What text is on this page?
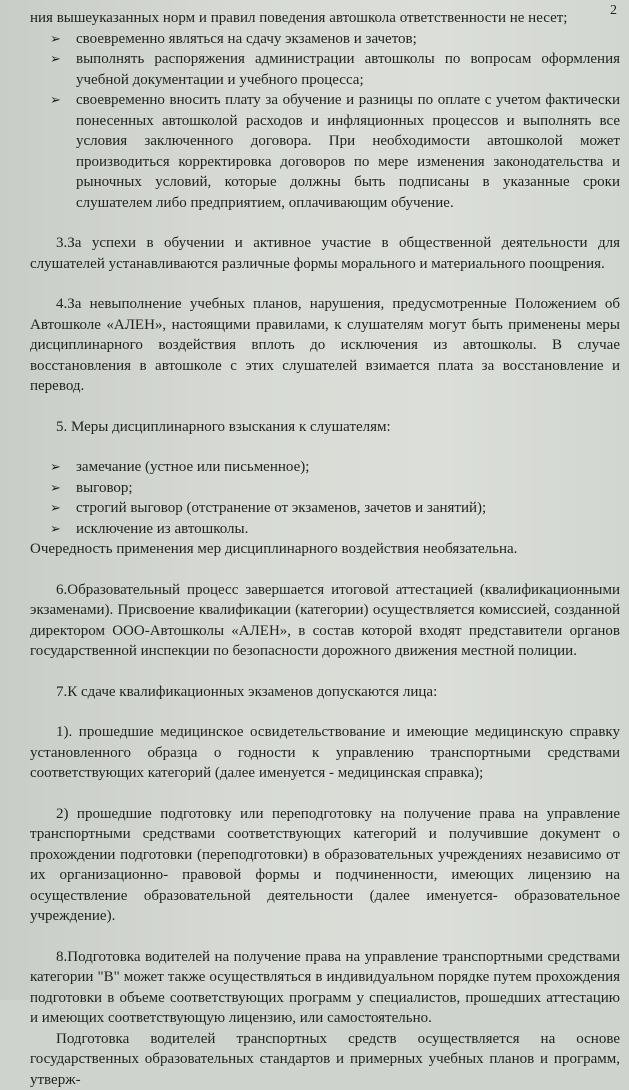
2

ния вышеуказанных норм и правил поведения автошкола ответственности не несет;

➢	своевременно являться на сдачу экзаменов и зачетов;
➢	выполнять распоряжения администрации автошколы по вопросам оформления учебной документации и учебного процесса;
➢	своевременно вносить плату за обучение и разницы по оплате с учетом фактически понесенных автошколой расходов и инфляционных процессов и выполнять все условия заключенного договора. При необходимости автошколой может производиться корректировка договоров по мере изменения законодательства и рыночных условий, которые должны быть подписаны в указанные сроки слушателем либо предприятием, оплачивающим обучение.

3.За успехи в обучении и активное участие в общественной деятельности для слушателей устанавливаются различные формы морального и материального поощрения.

4.За невыполнение учебных планов, нарушения, предусмотренные Положением об Автошколе «АЛЕН», настоящими правилами, к слушателям могут быть применены меры дисциплинарного воздействия вплоть до исключения из автошколы. В случае восстановления в автошколе с этих слушателей взимается плата за восстановление и перевод.

5. Меры дисциплинарного взыскания к слушателям:

➢	замечание (устное или письменное);
➢	выговор;
➢	строгий выговор (отстранение от экзаменов, зачетов и занятий);
➢	исключение из автошколы.

Очередность применения мер дисциплинарного воздействия необязательна.

6.Образовательный процесс завершается итоговой аттестацией (квалификационными экзаменами). Присвоение квалификации (категории) осуществляется комиссией, созданной директором ООО-Автошколы «АЛЕН», в состав которой входят представители органов государственной инспекции по безопасности дорожного движения местной полиции.

7.К сдаче квалификационных экзаменов допускаются лица:

1). прошедшие медицинское освидетельствование и имеющие медицинскую справку установленного образца о годности к управлению транспортными средствами соответствующих категорий (далее именуется - медицинская справка);

2) прошедшие подготовку или переподготовку на получение права на управление транспортными средствами соответствующих категорий и получившие документ о прохождении подготовки (переподготовки) в образовательных учреждениях независимо от их организационно- правовой формы и подчиненности, имеющих лицензию на осуществление образовательной деятельности (далее именуется- образовательное учреждение).

8.Подготовка водителей на получение права на управление транспортными средствами категории "В" может также осуществляться в индивидуальном порядке путем прохождения подготовки в объеме соответствующих программ у специалистов, прошедших аттестацию и имеющих соответствующую лицензию, или самостоятельно.

Подготовка водителей транспортных средств осуществляется на основе государственных образовательных стандартов и примерных учебных планов и программ, утверж-
